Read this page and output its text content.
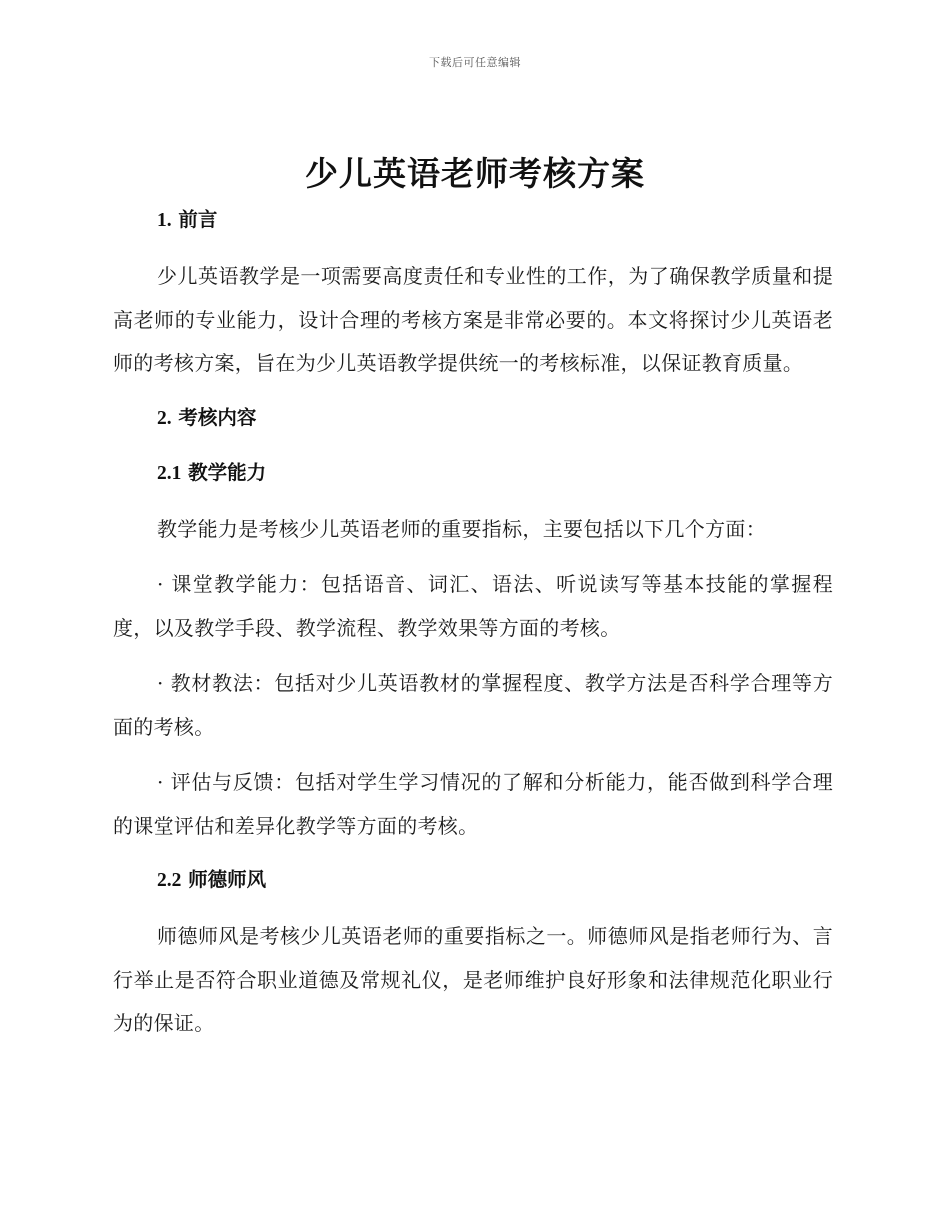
下载后可任意编辑
少儿英语老师考核方案
1. 前言

少儿英语教学是一项需要高度责任和专业性的工作，为了确保教学质量和提高老师的专业能力，设计合理的考核方案是非常必要的。本文将探讨少儿英语老师的考核方案，旨在为少儿英语教学提供统一的考核标准，以保证教育质量。

2. 考核内容
2.1 教学能力

教学能力是考核少儿英语老师的重要指标，主要包括以下几个方面：

· 课堂教学能力：包括语音、词汇、语法、听说读写等基本技能的掌握程度，以及教学手段、教学流程、教学效果等方面的考核。

· 教材教法：包括对少儿英语教材的掌握程度、教学方法是否科学合理等方面的考核。

· 评估与反馈：包括对学生学习情况的了解和分析能力，能否做到科学合理的课堂评估和差异化教学等方面的考核。

2.2 师德师风

师德师风是考核少儿英语老师的重要指标之一。师德师风是指老师行为、言行举止是否符合职业道德及常规礼仪，是老师维护良好形象和法律规范化职业行为的保证。
